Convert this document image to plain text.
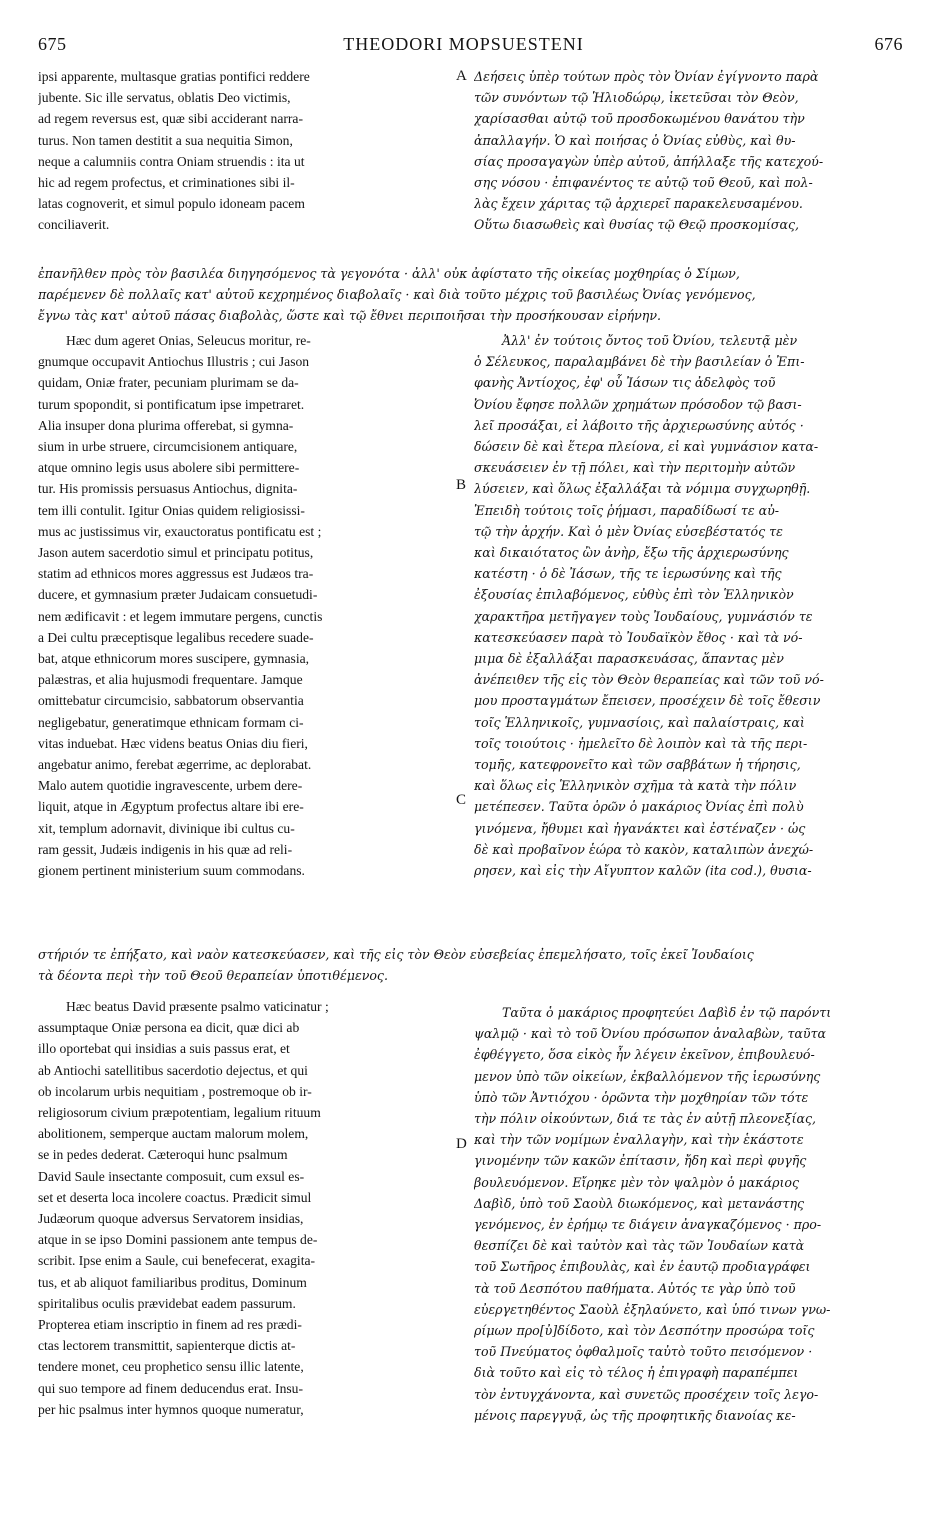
675	THEODORI MOPSUESTENI	676
A
B
C
D
ipsi apparente, multasque gratias pontifici reddere
jubente. Sic ille servatus, oblatis Deo victimis,
ad regem reversus est, quæ sibi acciderant narra-
turus. Non tamen destitit a sua nequitia Simon,
neque a calumniis contra Oniam struendis : ita ut
hic ad regem profectus, et criminationes sibi il-
latas cognoverit, et simul populo idoneam pacem
conciliaverit.
Δεήσεις ὑπὲρ τούτων πρὸς τὸν Ὀνίαν ἐγίγνοντο παρὰ
τῶν συνόντων τῷ Ἡλιοδώρῳ, ἱκετεῦσαι τὸν Θεὸν,
χαρίσασθαι αὐτῷ τοῦ προσδοκωμένου θανάτου τὴν
ἀπαλλαγήν. Ὁ καὶ ποιήσας ὁ Ὀνίας εὐθὺς, καὶ θυ-
σίας προσαγαγὼν ὑπὲρ αὐτοῦ, ἀπήλλαξε τῆς κατεχού-
σης νόσου · ἐπιφανέντος τε αὐτῷ τοῦ Θεοῦ, καὶ πολ-
λὰς ἔχειν χάριτας τῷ ἀρχιερεῖ παρακελευσαμένου.
Οὕτω διασωθεὶς καὶ θυσίας τῷ Θεῷ προσκομίσας,
ἐπανῆλθεν πρὸς τὸν βασιλέα διηγησόμενος τὰ γεγονότα · ἀλλ' οὐκ ἀφίστατο τῆς οἰκείας μοχθηρίας ὁ Σίμων,
παρέμενεν δὲ πολλαῖς κατ' αὐτοῦ κεχρημένος διαβολαῖς · καὶ διὰ τοῦτο μέχρις τοῦ βασιλέως Ὀνίας γενόμενος,
ἔγνω τὰς κατ' αὐτοῦ πάσας διαβολὰς, ὥστε καὶ τῷ ἔθνει περιποιῆσαι τὴν προσήκουσαν εἰρήνην.
Hæc dum ageret Onias, Seleucus moritur, re-
gnumque occupavit Antiochus Illustris ; cui Jason
quidam, Oniæ frater, pecuniam plurimam se da-
turum spopondit, si pontificatum ipse impetraret.
Alia insuper dona plurima offerebat, si gymna-
sium in urbe struere, circumcisionem antiquare,
atque omnino legis usus abolere sibi permittere-
tur. His promissis persuasus Antiochus, dignita-
tem illi contulit. Igitur Onias quidem religiosissi-
mus ac justissimus vir, exauctoratus pontificatu est ;
Jason autem sacerdotio simul et principatu potitus,
statim ad ethnicos mores aggressus est Judæos tra-
ducere, et gymnasium præter Judaicam consuetudi-
nem ædificavit : et legem immutare pergens, cunctis
a Dei cultu præceptisque legalibus recedere suade-
bat, atque ethnicorum mores suscipere, gymnasia,
palæstras, et alia hujusmodi frequentare. Jamque
omittebatur circumcisio, sabbatorum observantia
negligebatur, generatimque ethnicam formam ci-
vitas induebat. Hæc videns beatus Onias diu fieri,
angebatur animo, ferebat ægerrime, ac deplorabat.
Malo autem quotidie ingravescente, urbem dere-
liquit, atque in Ægyptum profectus altare ibi ere-
xit, templum adornavit, divinique ibi cultus cu-
ram gessit, Judæis indigenis in his quæ ad reli-
gionem pertinent ministerium suum commodans.
Ἀλλ' ἐν τούτοις ὄντος τοῦ Ὀνίου, τελευτᾷ μὲν
ὁ Σέλευκος, παραλαμβάνει δὲ τὴν βασιλείαν ὁ Ἐπι-
φανὴς Ἀντίοχος, ἐφ' οὗ Ἰάσων τις ἀδελφὸς τοῦ
Ὀνίου ἔφησε πολλῶν χρημάτων πρόσοδον τῷ βασι-
λεῖ προσάξαι, εἰ λάβοιτο τῆς ἀρχιερωσύνης αὐτός ·
δώσειν δὲ καὶ ἕτερα πλείονα, εἰ καὶ γυμνάσιον κατα-
σκευάσειεν ἐν τῇ πόλει, καὶ τὴν περιτομὴν αὐτῶν
λύσειεν, καὶ ὅλως ἐξαλλάξαι τὰ νόμιμα συγχωρηθῇ.
Ἐπειδὴ τούτοις τοῖς ῥήμασι, παραδίδωσί τε αὐ-
τῷ τὴν ἀρχήν. Καὶ ὁ μὲν Ὀνίας εὐσεβέστατός τε
καὶ δικαιότατος ὢν ἀνὴρ, ἔξω τῆς ἀρχιερωσύνης
κατέστη · ὁ δὲ Ἰάσων, τῆς τε ἱερωσύνης καὶ τῆς
ἐξουσίας ἐπιλαβόμενος, εὐθὺς ἐπὶ τὸν Ἑλληνικὸν
χαρακτῆρα μετῆγαγεν τοὺς Ἰουδαίους, γυμνάσιόν τε
κατεσκεύασεν παρὰ τὸ Ἰουδαϊκὸν ἔθος · καὶ τὰ νό-
μιμα δὲ ἐξαλλάξαι παρασκευάσας, ἅπαντας μὲν
ἀνέπειθεν τῆς εἰς τὸν Θεὸν θεραπείας καὶ τῶν τοῦ νό-
μου προσταγμάτων ἔπεισεν, προσέχειν δὲ τοῖς ἔθεσιν
τοῖς Ἑλληνικοῖς, γυμνασίοις, καὶ παλαίστραις, καὶ
τοῖς τοιούτοις · ἠμελεῖτο δὲ λοιπὸν καὶ τὰ τῆς περι-
τομῆς, κατεφρονεῖτο καὶ τῶν σαββάτων ἡ τήρησις,
καὶ ὅλως εἰς Ἑλληνικὸν σχῆμα τὰ κατὰ τὴν πόλιν
μετέπεσεν. Ταῦτα ὁρῶν ὁ μακάριος Ὀνίας ἐπὶ πολὺ
γινόμενα, ἤθυμει καὶ ἠγανάκτει καὶ ἐστέναζεν · ὡς
δὲ καὶ προβαῖνον ἑώρα τὸ κακὸν, καταλιπὼν ἀνεχώ-
ρησεν, καὶ εἰς τὴν Αἴγυπτον καλῶν (ita cod.), θυσια-
στήριόν τε ἐπήξατο, καὶ ναὸν κατεσκεύασεν, καὶ τῆς εἰς τὸν Θεὸν εὐσεβείας ἐπεμελήσατο, τοῖς ἐκεῖ Ἰουδαίοις
τὰ δέοντα περὶ τὴν τοῦ Θεοῦ θεραπείαν ὑποτιθέμενος.
Hæc beatus David præsente psalmo vaticinatur ;
assumptaque Oniæ persona ea dicit, quæ dici ab
illo oportebat qui insidias a suis passus erat, et
ab Antiochi satellitibus sacerdotio dejectus, et qui
ob incolarum urbis nequitiam , postremoque ob ir-
religiosorum civium præpotentiam, legalium rituum
abolitionem, semperque auctam malorum molem,
se in pedes dederat. Cæteroqui hunc psalmum
David Saule insectante composuit, cum exsul es-
set et deserta loca incolere coactus. Prædicit simul
Judæorum quoque adversus Servatorem insidias,
atque in se ipso Domini passionem ante tempus de-
scribit. Ipse enim a Saule, cui benefecerat, exagita-
tus, et ab aliquot familiaribus proditus, Dominum
spiritalibus oculis prævidebat eadem passurum.
Propterea etiam inscriptio in finem ad res prædi-
ctas lectorem transmittit, sapienterque dictis at-
tendere monet, ceu prophetico sensu illic latente,
qui suo tempore ad finem deducendus erat. Insu-
per hic psalmus inter hymnos quoque numeratur,
Ταῦτα ὁ μακάριος προφητεύει Δαβὶδ ἐν τῷ παρόντι
ψαλμῷ · καὶ τὸ τοῦ Ὀνίου πρόσωπον ἀναλαβὼν, ταῦτα
ἐφθέγγετο, ὅσα εἰκὸς ἦν λέγειν ἐκεῖνον, ἐπιβουλευό-
μενον ὑπὸ τῶν οἰκείων, ἐκβαλλόμενον τῆς ἱερωσύνης
ὑπὸ τῶν Ἀντιόχου · ὁρῶντα τὴν μοχθηρίαν τῶν τότε
τὴν πόλιν οἰκούντων, διά τε τὰς ἐν αὐτῇ πλεονεξίας,
καὶ τὴν τῶν νομίμων ἐναλλαγὴν, καὶ τὴν ἑκάστοτε
γινομένην τῶν κακῶν ἐπίτασιν, ἤδη καὶ περὶ φυγῆς
βουλευόμενον. Εἴρηκε μὲν τὸν ψαλμὸν ὁ μακάριος
Δαβὶδ, ὑπὸ τοῦ Σαοὺλ διωκόμενος, καὶ μετανάστης
γενόμενος, ἐν ἐρήμῳ τε διάγειν ἀναγκαζόμενος · προ-
θεσπίζει δὲ καὶ ταὐτὸν καὶ τὰς τῶν Ἰουδαίων κατὰ
τοῦ Σωτῆρος ἐπιβουλὰς, καὶ ἐν ἑαυτῷ προδιαγράφει
τὰ τοῦ Δεσπότου παθήματα. Αὐτός τε γὰρ ὑπὸ τοῦ
εὐεργετηθέντος Σαοὺλ ἐξηλαύνετο, καὶ ὑπό τινων γνω-
ρίμων προ[ὐ]δίδοτο, καὶ τὸν Δεσπότην προσώρα τοῖς
τοῦ Πνεύματος ὀφθαλμοῖς ταὐτὸ τοῦτο πεισόμενον ·
διὰ τοῦτο καὶ εἰς τὸ τέλος ἡ ἐπιγραφὴ παραπέμπει
τὸν ἐντυγχάνοντα, καὶ συνετῶς προσέχειν τοῖς λεγο-
μένοις παρεγγυᾷ, ὡς τῆς προφητικῆς διανοίας κε-
